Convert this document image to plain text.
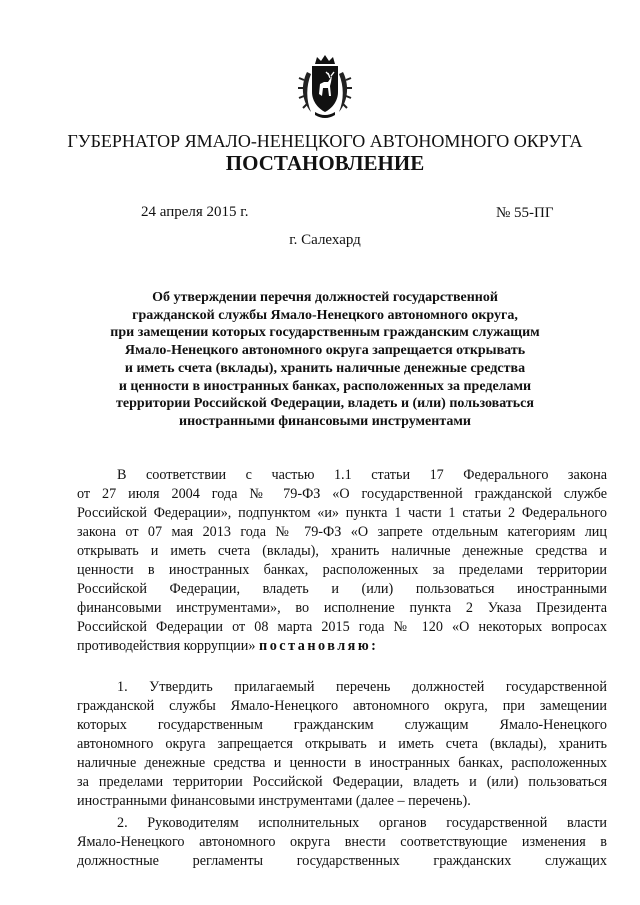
ГУБЕРНАТОР ЯМАЛО-НЕНЕЦКОГО АВТОНОМНОГО ОКРУГА
ПОСТАНОВЛЕНИЕ
24 апреля 2015 г.	№ 55-ПГ
г. Салехард
Об утверждении перечня должностей государственной
гражданской службы Ямало-Ненецкого автономного округа,
при замещении которых государственным гражданским служащим
Ямало-Ненецкого автономного округа запрещается открывать
и иметь счета (вклады), хранить наличные денежные средства
и ценности в иностранных банках, расположенных за пределами
территории Российской Федерации, владеть и (или) пользоваться
иностранными финансовыми инструментами
В соответствии с частью 1.1 статьи 17 Федерального закона
от 27 июля 2004 года № 79-ФЗ «О государственной гражданской службе
Российской Федерации», подпунктом «и» пункта 1 части 1 статьи 2 Федерального
закона от 07 мая 2013 года № 79-ФЗ «О запрете отдельным категориям лиц
открывать и иметь счета (вклады), хранить наличные денежные средства и
ценности в иностранных банках, расположенных за пределами территории
Российской Федерации, владеть и (или) пользоваться иностранными
финансовыми инструментами», во исполнение пункта 2 Указа Президента
Российской Федерации от 08 марта 2015 года № 120 «О некоторых вопросах
противодействия коррупции» постановляю:
1. Утвердить прилагаемый перечень должностей государственной
гражданской службы Ямало-Ненецкого автономного округа, при замещении
которых государственным гражданским служащим Ямало-Ненецкого
автономного округа запрещается открывать и иметь счета (вклады), хранить
наличные денежные средства и ценности в иностранных банках, расположенных
за пределами территории Российской Федерации, владеть и (или) пользоваться
иностранными финансовыми инструментами (далее – перечень).
2. Руководителям исполнительных органов государственной власти
Ямало-Ненецкого автономного округа внести соответствующие изменения в
должностные регламенты государственных гражданских служащих
